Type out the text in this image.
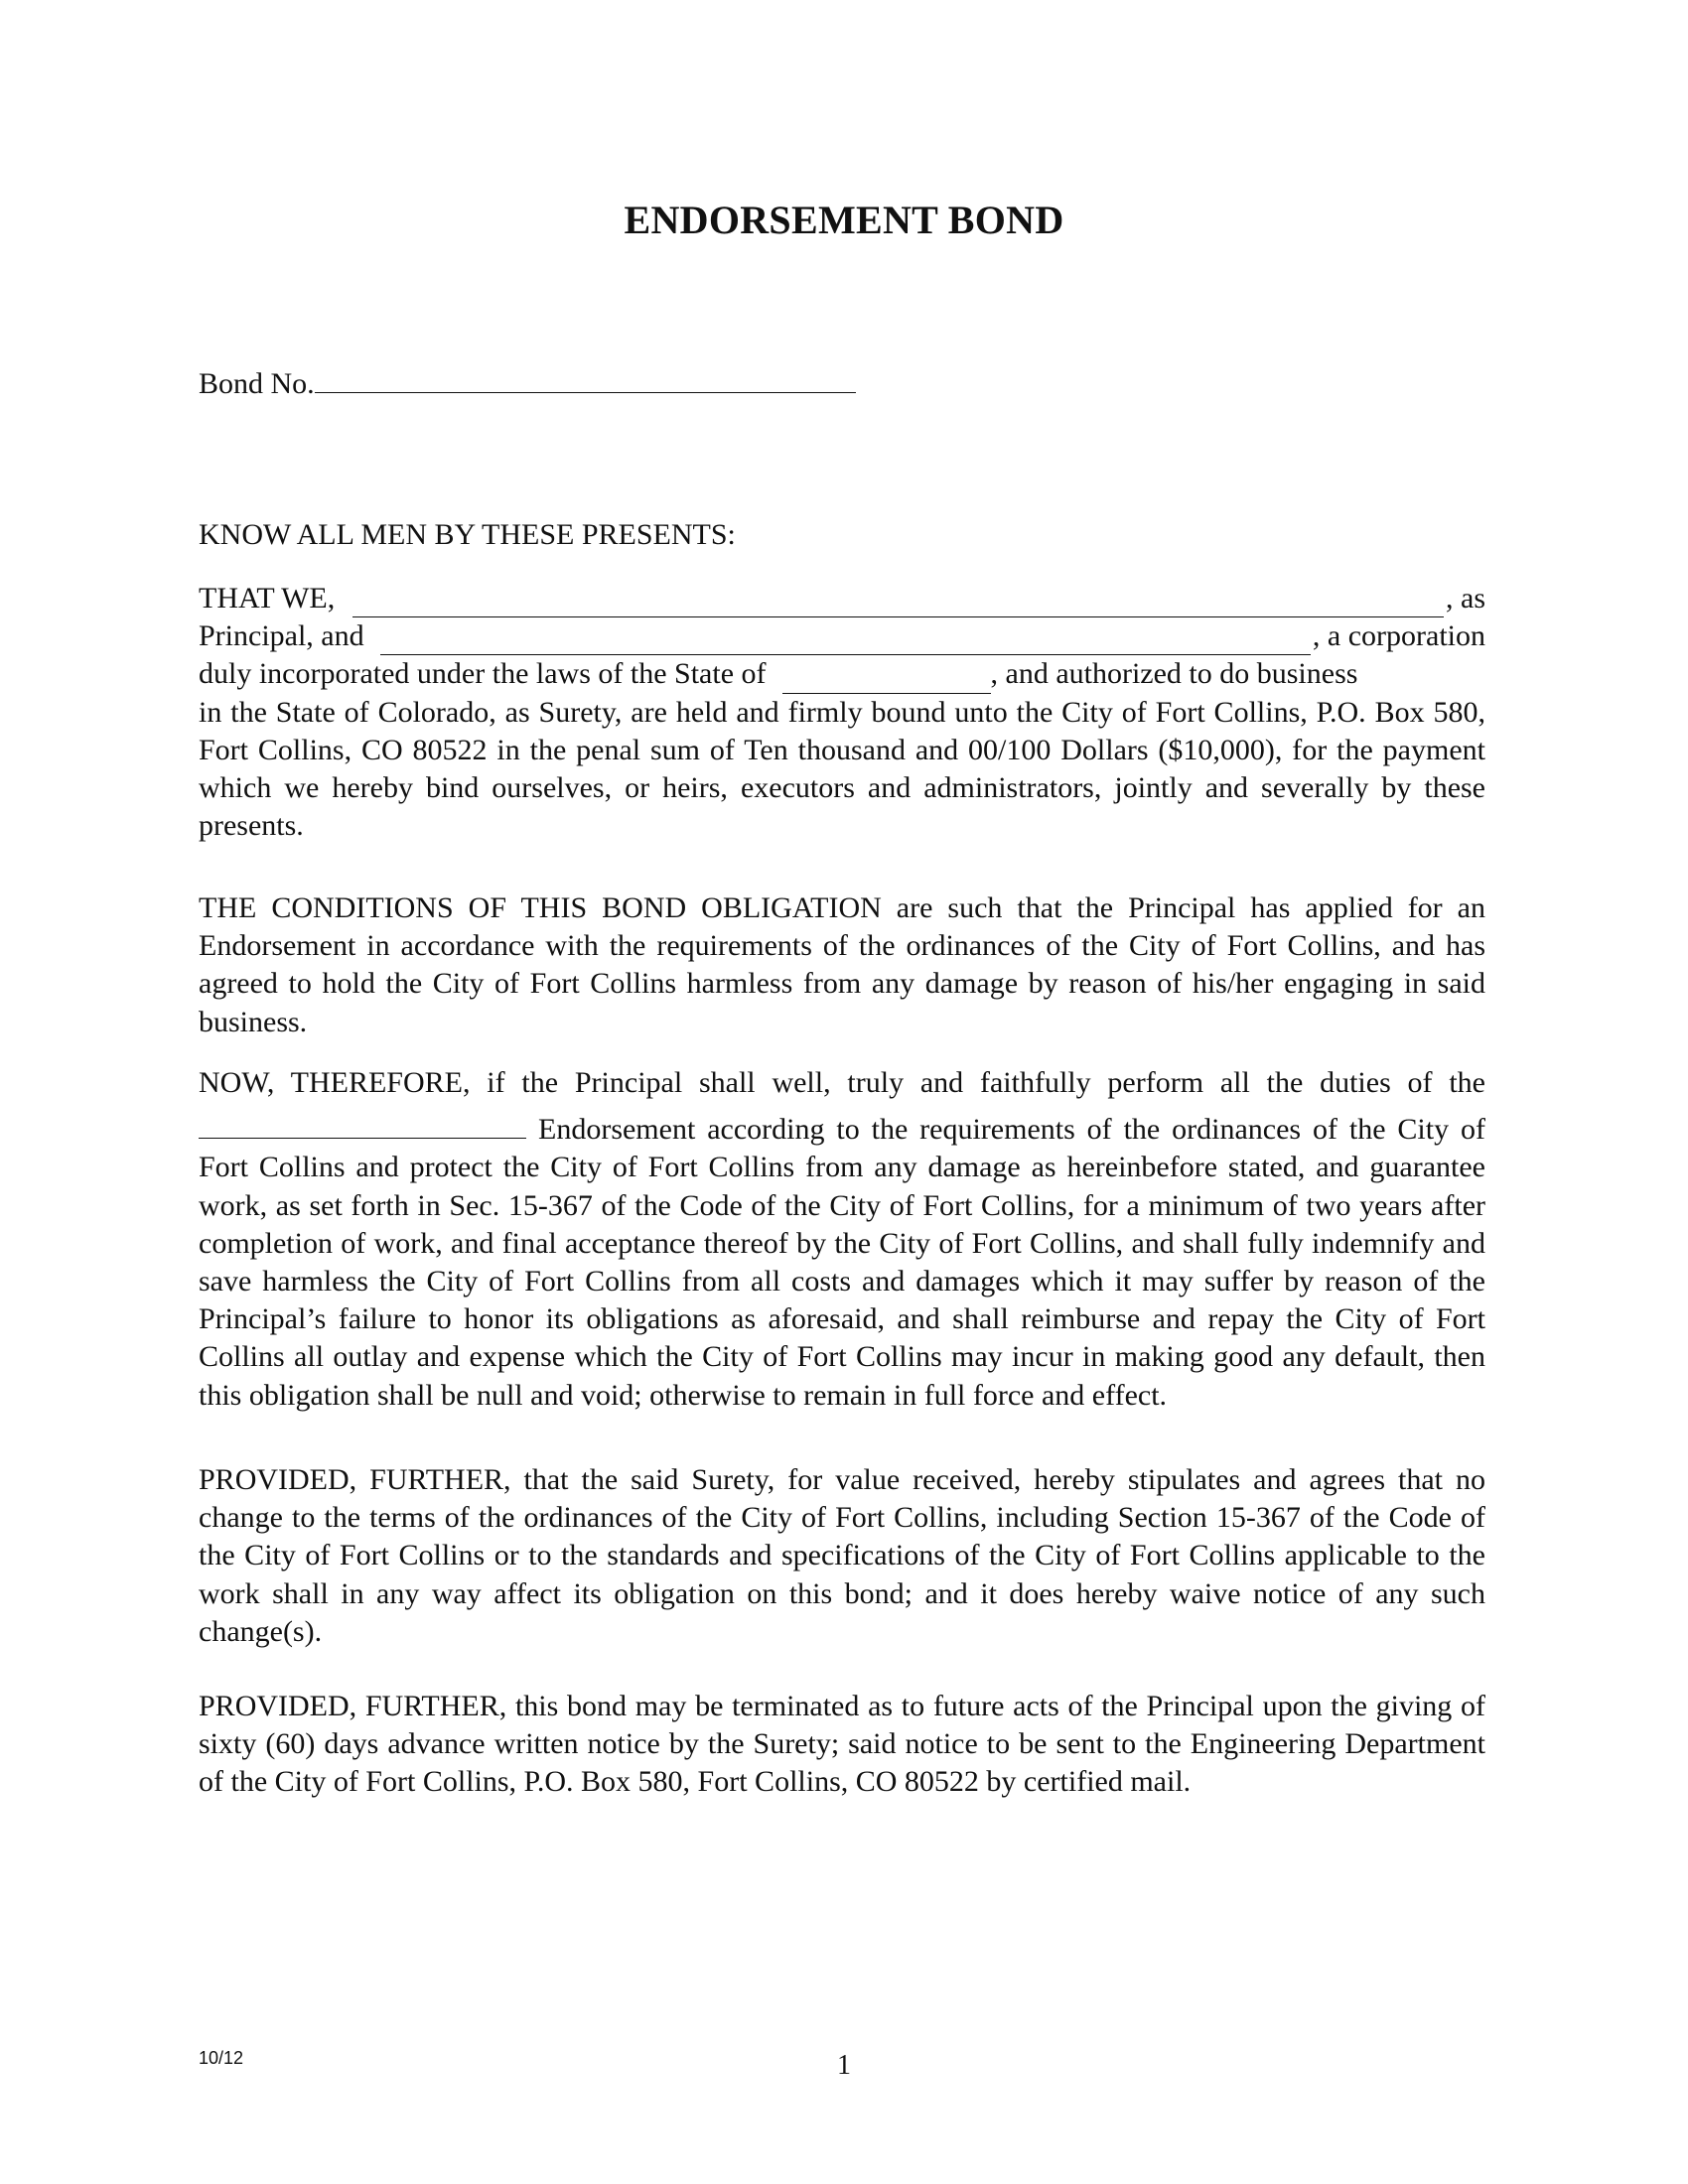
ENDORSEMENT BOND
Bond No.
KNOW ALL MEN BY THESE PRESENTS:
THAT WE,	, as
Principal, and	, a corporation
duly incorporated under the laws of the State of	, and authorized to do business
in the State of Colorado, as Surety, are held and firmly bound unto the City of Fort Collins, P.O. Box 580, Fort Collins, CO 80522 in the penal sum of Ten thousand and 00/100 Dollars ($10,000), for the payment which we hereby bind ourselves, or heirs, executors and administrators, jointly and severally by these presents.
THE CONDITIONS OF THIS BOND OBLIGATION are such that the Principal has applied for an Endorsement in accordance with the requirements of the ordinances of the City of Fort Collins, and has agreed to hold the City of Fort Collins harmless from any damage by reason of his/her engaging in said business.
NOW, THEREFORE, if the Principal shall well, truly and faithfully perform all the duties of the
Endorsement according to the requirements of the ordinances of the City of Fort Collins and protect the City of Fort Collins from any damage as hereinbefore stated, and guarantee work, as set forth in Sec. 15-367 of the Code of the City of Fort Collins, for a minimum of two years after completion of work, and final acceptance thereof by the City of Fort Collins, and shall fully indemnify and save harmless the City of Fort Collins from all costs and damages which it may suffer by reason of the Principal’s failure to honor its obligations as aforesaid, and shall reimburse and repay the City of Fort Collins all outlay and expense which the City of Fort Collins may incur in making good any default, then this obligation shall be null and void; otherwise to remain in full force and effect.
PROVIDED, FURTHER, that the said Surety, for value received, hereby stipulates and agrees that no change to the terms of the ordinances of the City of Fort Collins, including Section 15-367 of the Code of the City of Fort Collins or to the standards and specifications of the City of Fort Collins applicable to the work shall in any way affect its obligation on this bond; and it does hereby waive notice of any such change(s).
PROVIDED, FURTHER, this bond may be terminated as to future acts of the Principal upon the giving of sixty (60) days advance written notice by the Surety; said notice to be sent to the Engineering Department of the City of Fort Collins, P.O. Box 580, Fort Collins, CO 80522 by certified mail.
10/12	1
